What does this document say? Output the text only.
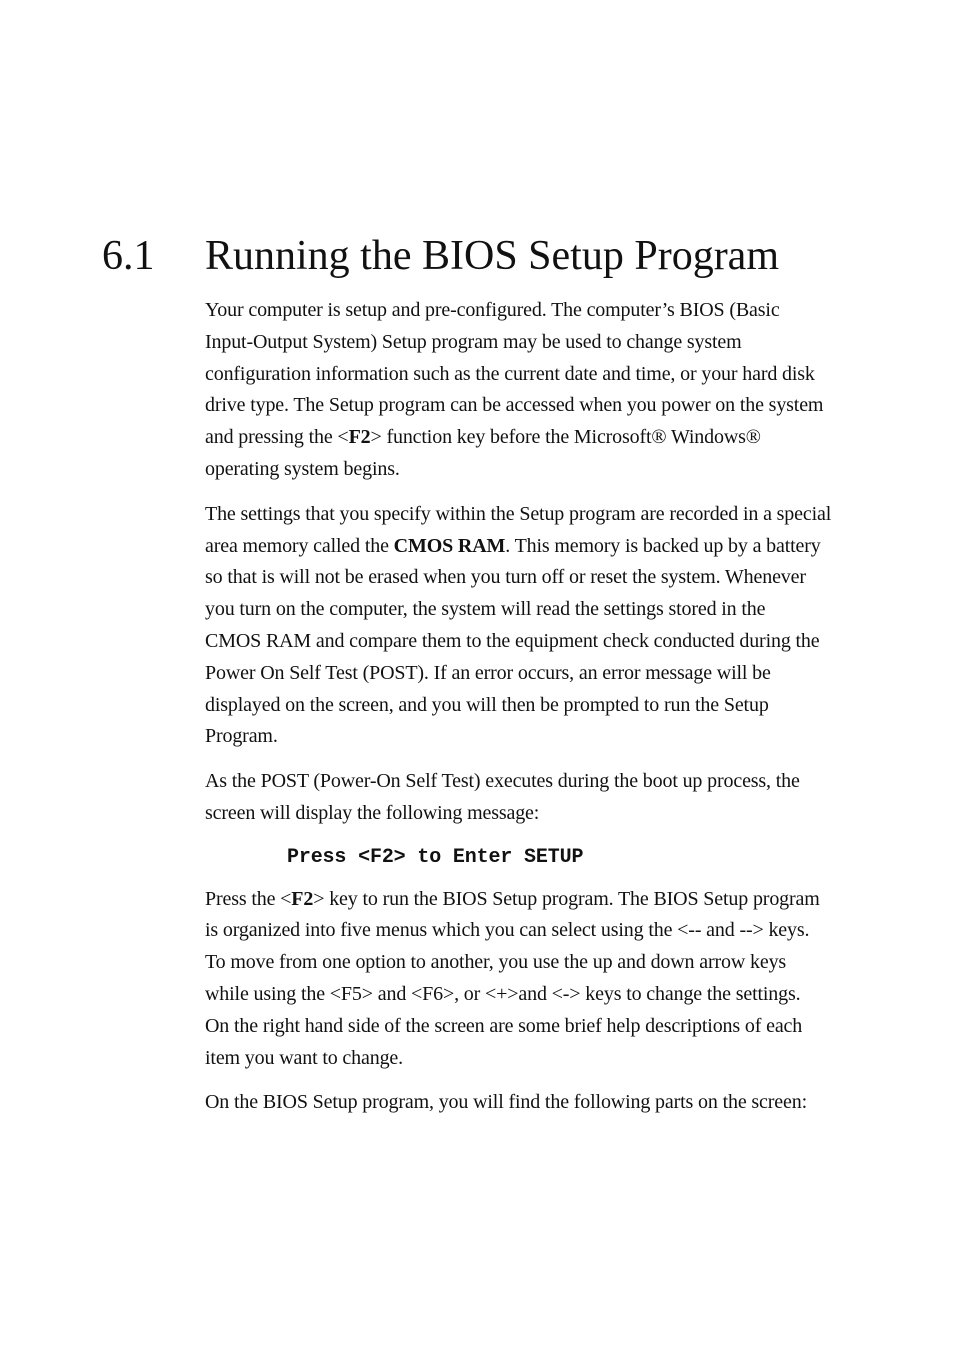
6.1 Running the BIOS Setup Program

Your computer is setup and pre-configured. The computer’s BIOS (Basic
Input-Output System) Setup program may be used to change system
configuration information such as the current date and time, or your hard disk
drive type. The Setup program can be accessed when you power on the system
and pressing the <F2> function key before the Microsoft® Windows®
operating system begins.

The settings that you specify within the Setup program are recorded in a special
area memory called the CMOS RAM. This memory is backed up by a battery
so that is will not be erased when you turn off or reset the system. Whenever
you turn on the computer, the system will read the settings stored in the
CMOS RAM and compare them to the equipment check conducted during the
Power On Self Test (POST). If an error occurs, an error message will be
displayed on the screen, and you will then be prompted to run the Setup
Program.

As the POST (Power-On Self Test) executes during the boot up process, the
screen will display the following message:

Press <F2> to Enter SETUP

Press the <F2> key to run the BIOS Setup program. The BIOS Setup program
is organized into five menus which you can select using the <-- and --> keys.
To move from one option to another, you use the up and down arrow keys
while using the <F5> and <F6>, or <+>and <-> keys to change the settings.
On the right hand side of the screen are some brief help descriptions of each
item you want to change.

On the BIOS Setup program, you will find the following parts on the screen:
